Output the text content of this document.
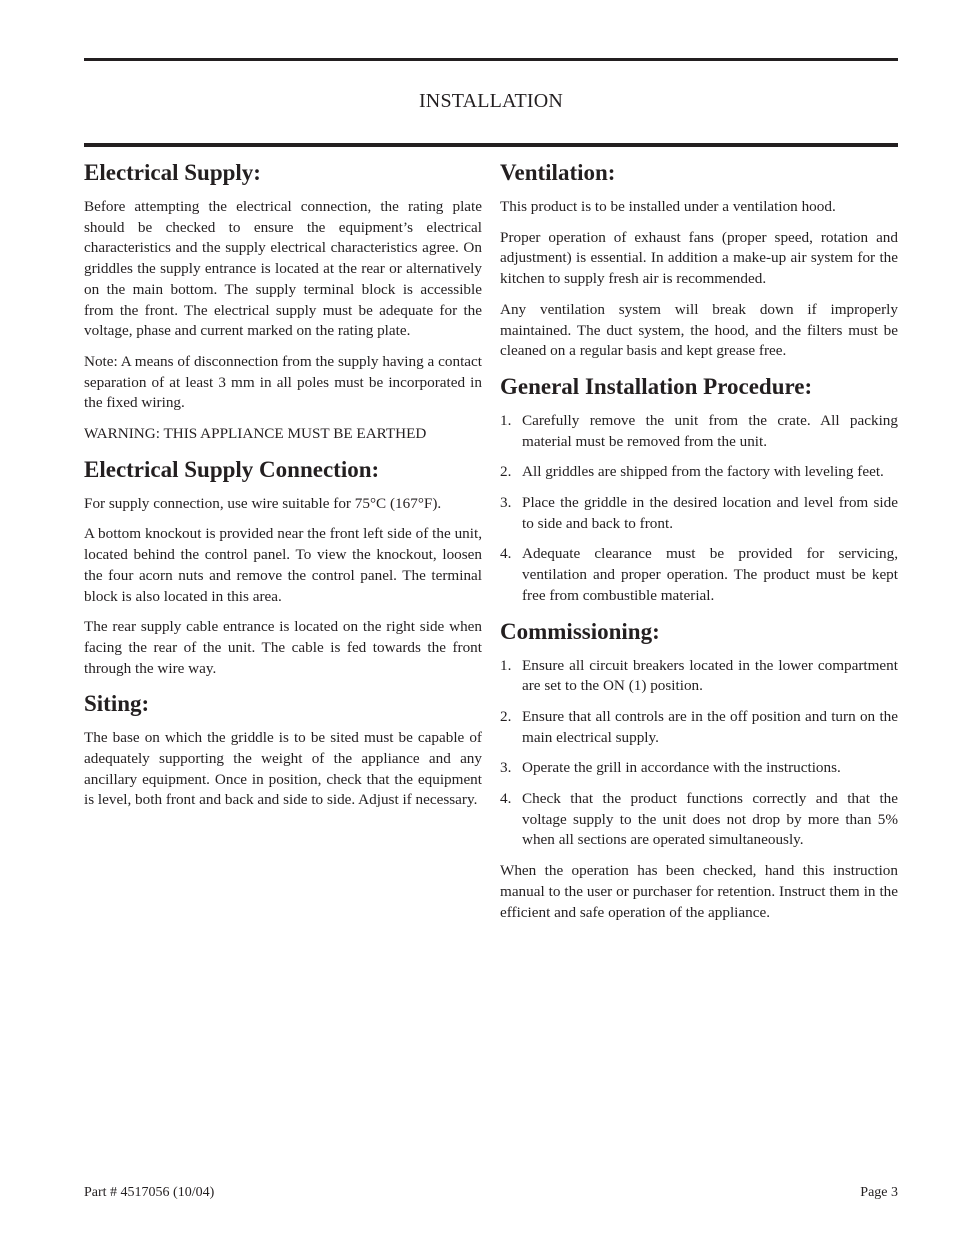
INSTALLATION
Electrical Supply:

Before attempting the electrical connection, the rating plate should be checked to ensure the equipment’s electrical characteristics and the supply electrical characteristics agree. On griddles the supply entrance is located at the rear or alternatively on the main bottom. The supply terminal block is accessible from the front. The electrical supply must be adequate for the voltage, phase and current marked on the rating plate.

Note: A means of disconnection from the supply having a contact separation of at least 3 mm in all poles must be incorporated in the fixed wiring.

WARNING: THIS APPLIANCE MUST BE EARTHED

Electrical Supply Connection:

For supply connection, use wire suitable for 75°C (167°F).

A bottom knockout is provided near the front left side of the unit, located behind the control panel. To view the knockout, loosen the four acorn nuts and remove the control panel. The terminal block is also located in this area.

The rear supply cable entrance is located on the right side when facing the rear of the unit. The cable is fed towards the front through the wire way.

Siting:

The base on which the griddle is to be sited must be capable of adequately supporting the weight of the appliance and any ancillary equipment. Once in position, check that the equipment is level, both front and back and side to side. Adjust if necessary.

Ventilation:

This product is to be installed under a ventilation hood.

Proper operation of exhaust fans (proper speed, rotation and adjustment) is essential. In addition a make-up air system for the kitchen to supply fresh air is recommended.

Any ventilation system will break down if improperly maintained. The duct system, the hood, and the filters must be cleaned on a regular basis and kept grease free.

General Installation Procedure:
1. Carefully remove the unit from the crate. All packing material must be removed from the unit.
2. All griddles are shipped from the factory with leveling feet.
3. Place the griddle in the desired location and level from side to side and back to front.
4. Adequate clearance must be provided for servicing, ventilation and proper operation. The product must be kept free from combustible material.
Commissioning:
1. Ensure all circuit breakers located in the lower compartment are set to the ON (1) position.
2. Ensure that all controls are in the off position and turn on the main electrical supply.
3. Operate the grill in accordance with the instructions.
4. Check that the product functions correctly and that the voltage supply to the unit does not drop by more than 5% when all sections are operated simultaneously.

When the operation has been checked, hand this instruction manual to the user or purchaser for retention. Instruct them in the efficient and safe operation of the appliance.

Part # 4517056 (10/04)	Page 3
